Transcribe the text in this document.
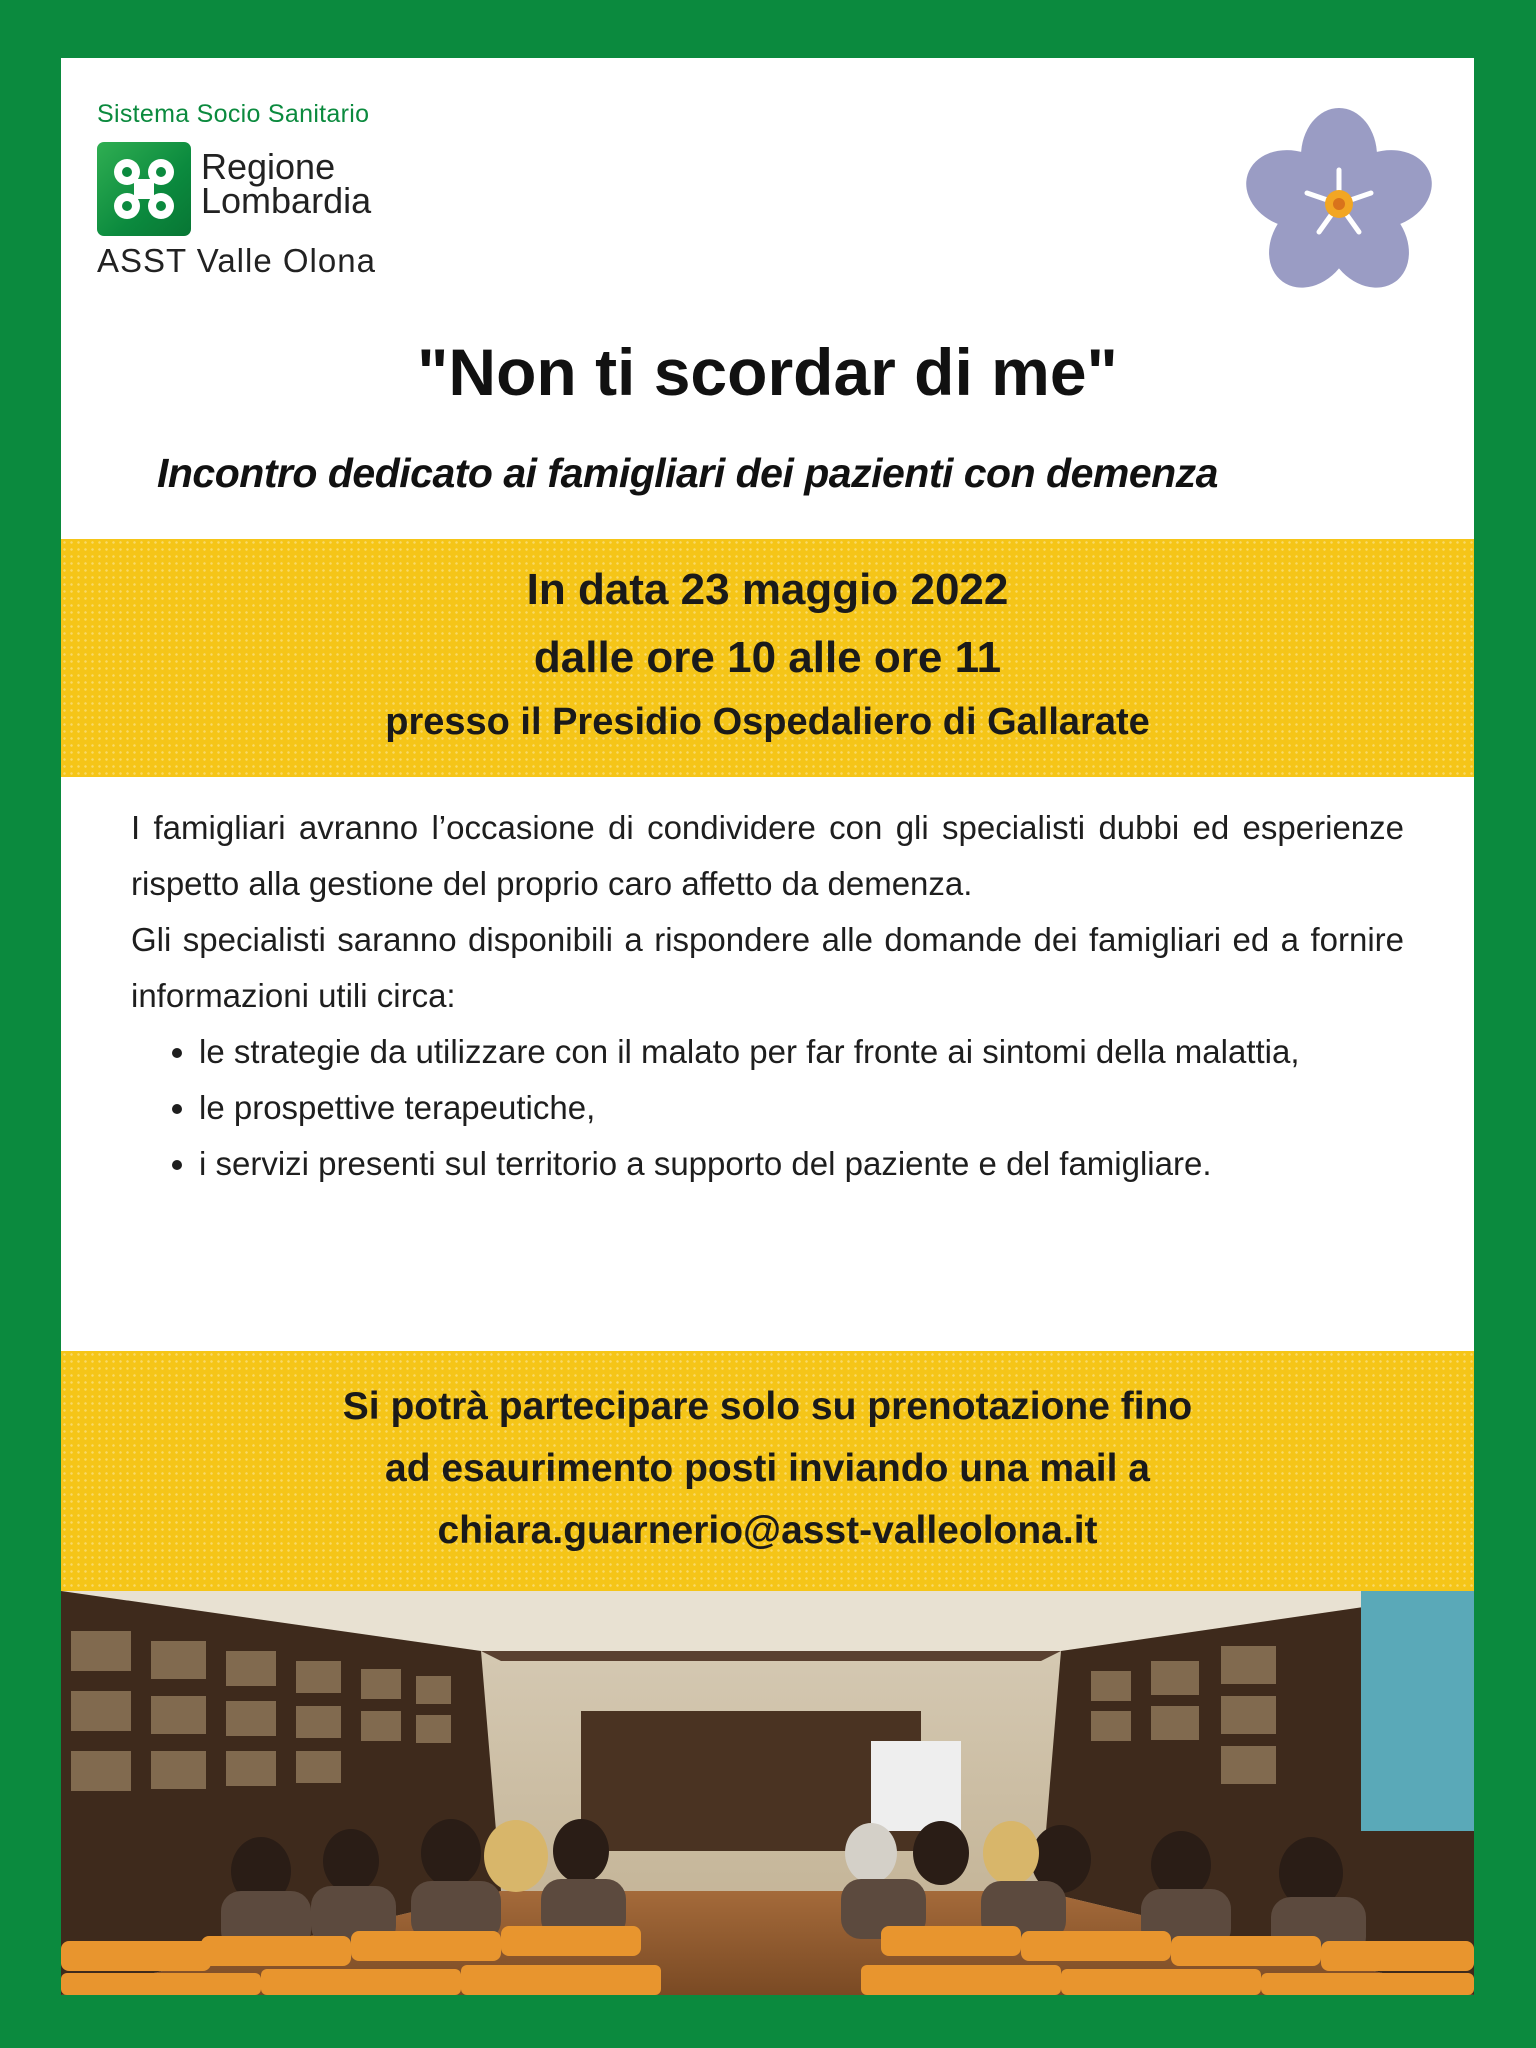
Sistema Socio Sanitario
Regione
Lombardia
ASST Valle Olona
"Non ti scordar di me"
Incontro dedicato ai famigliari dei pazienti con demenza
In data 23 maggio 2022
dalle ore 10 alle ore 11
presso il Presidio Ospedaliero di Gallarate

I famigliari avranno l’occasione di condividere con gli specialisti dubbi ed esperienze rispetto alla gestione del proprio caro affetto da demenza.

Gli specialisti saranno disponibili a rispondere alle domande dei famigliari ed a fornire informazioni utili circa:

• le strategie da utilizzare con il malato per far fronte ai sintomi della malattia,
• le prospettive terapeutiche,
• i servizi presenti sul territorio a supporto del paziente e del famigliare.
Si potrà partecipare solo su prenotazione fino
ad esaurimento posti inviando una mail a
chiara.guarnerio@asst-valleolona.it
